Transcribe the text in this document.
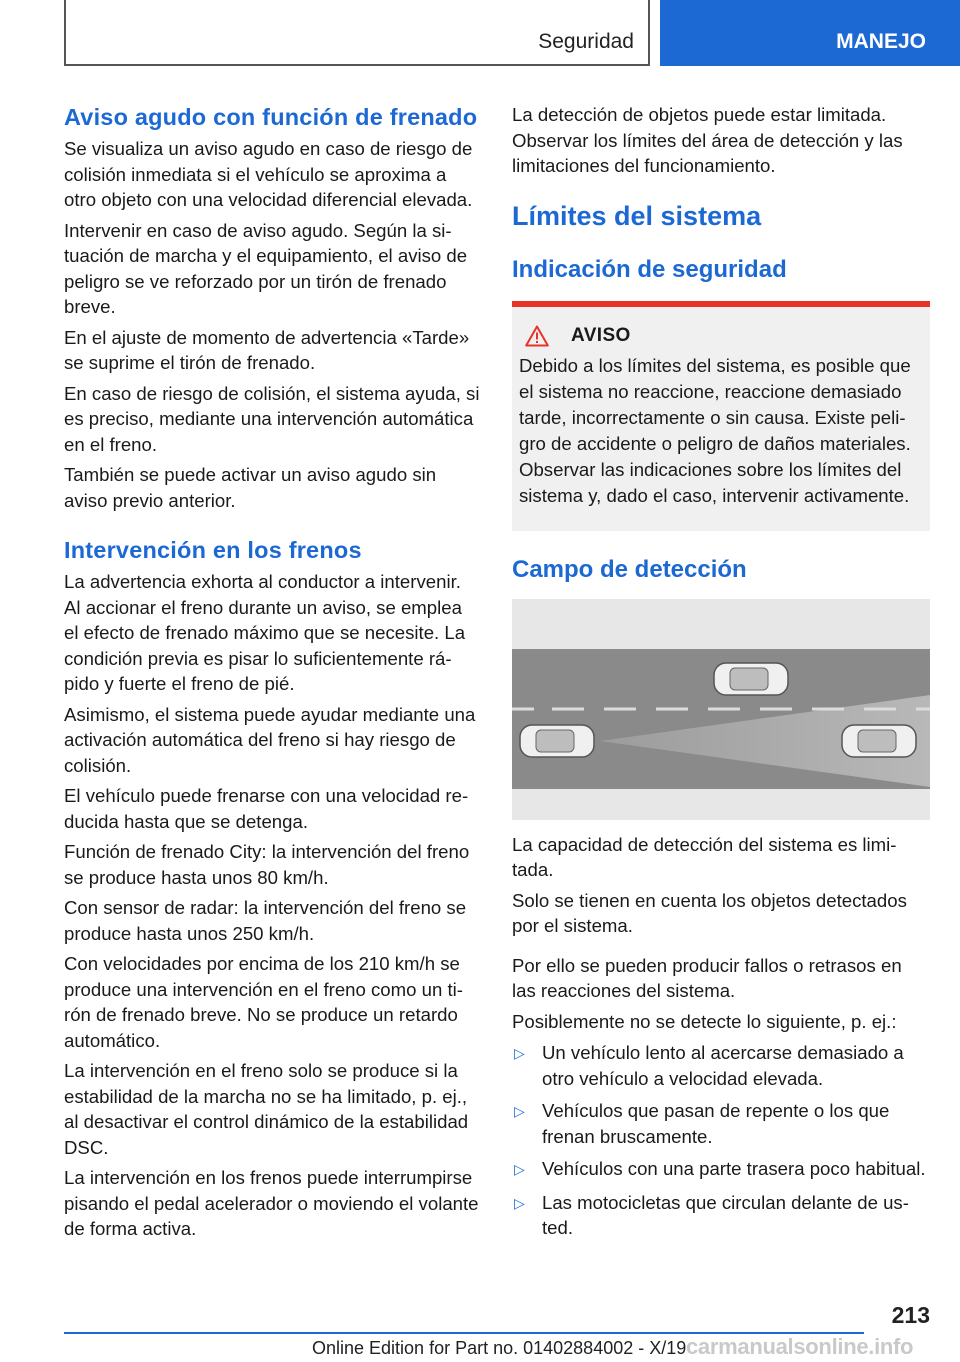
Seguridad	MANEJO
Aviso agudo con función de frenado

Se visualiza un aviso agudo en caso de riesgo de colisión inmediata si el vehículo se aproxima a otro objeto con una velocidad diferencial elevada.

Intervenir en caso de aviso agudo. Según la situación de marcha y el equipamiento, el aviso de peligro se ve reforzado por un tirón de frenado breve.

En el ajuste de momento de advertencia «Tarde» se suprime el tirón de frenado.

En caso de riesgo de colisión, el sistema ayuda, si es preciso, mediante una intervención automática en el freno.

También se puede activar un aviso agudo sin aviso previo anterior.

Intervención en los frenos

La advertencia exhorta al conductor a intervenir. Al accionar el freno durante un aviso, se emplea el efecto de frenado máximo que se necesite. La condición previa es pisar lo suficientemente rápido y fuerte el freno de pié.

Asimismo, el sistema puede ayudar mediante una activación automática del freno si hay riesgo de colisión.

El vehículo puede frenarse con una velocidad reducida hasta que se detenga.

Función de frenado City: la intervención del freno se produce hasta unos 80 km/h.

Con sensor de radar: la intervención del freno se produce hasta unos 250 km/h.

Con velocidades por encima de los 210 km/h se produce una intervención en el freno como un tirón de frenado breve. No se produce un retardo automático.

La intervención en el freno solo se produce si la estabilidad de la marcha no se ha limitado, p. ej., al desactivar el control dinámico de la estabilidad DSC.

La intervención en los frenos puede interrumpirse pisando el pedal acelerador o moviendo el volante de forma activa.

La detección de objetos puede estar limitada. Observar los límites del área de detección y las limitaciones del funcionamiento.

Límites del sistema
Indicación de seguridad
AVISO

Debido a los límites del sistema, es posible que el sistema no reaccione, reaccione demasiado tarde, incorrectamente o sin causa. Existe peligro de accidente o peligro de daños materiales. Observar las indicaciones sobre los límites del sistema y, dado el caso, intervenir activamente.

Campo de detección

La capacidad de detección del sistema es limitada.

Solo se tienen en cuenta los objetos detectados por el sistema.

Por ello se pueden producir fallos o retrasos en las reacciones del sistema.

Posiblemente no se detecte lo siguiente, p. ej.:

▷ Un vehículo lento al acercarse demasiado a otro vehículo a velocidad elevada.
▷ Vehículos que pasan de repente o los que frenan bruscamente.
▷ Vehículos con una parte trasera poco habitual.
▷ Las motocicletas que circulan delante de usted.
213
Online Edition for Part no. 01402884002 - X/19 carmanualsonline.info
